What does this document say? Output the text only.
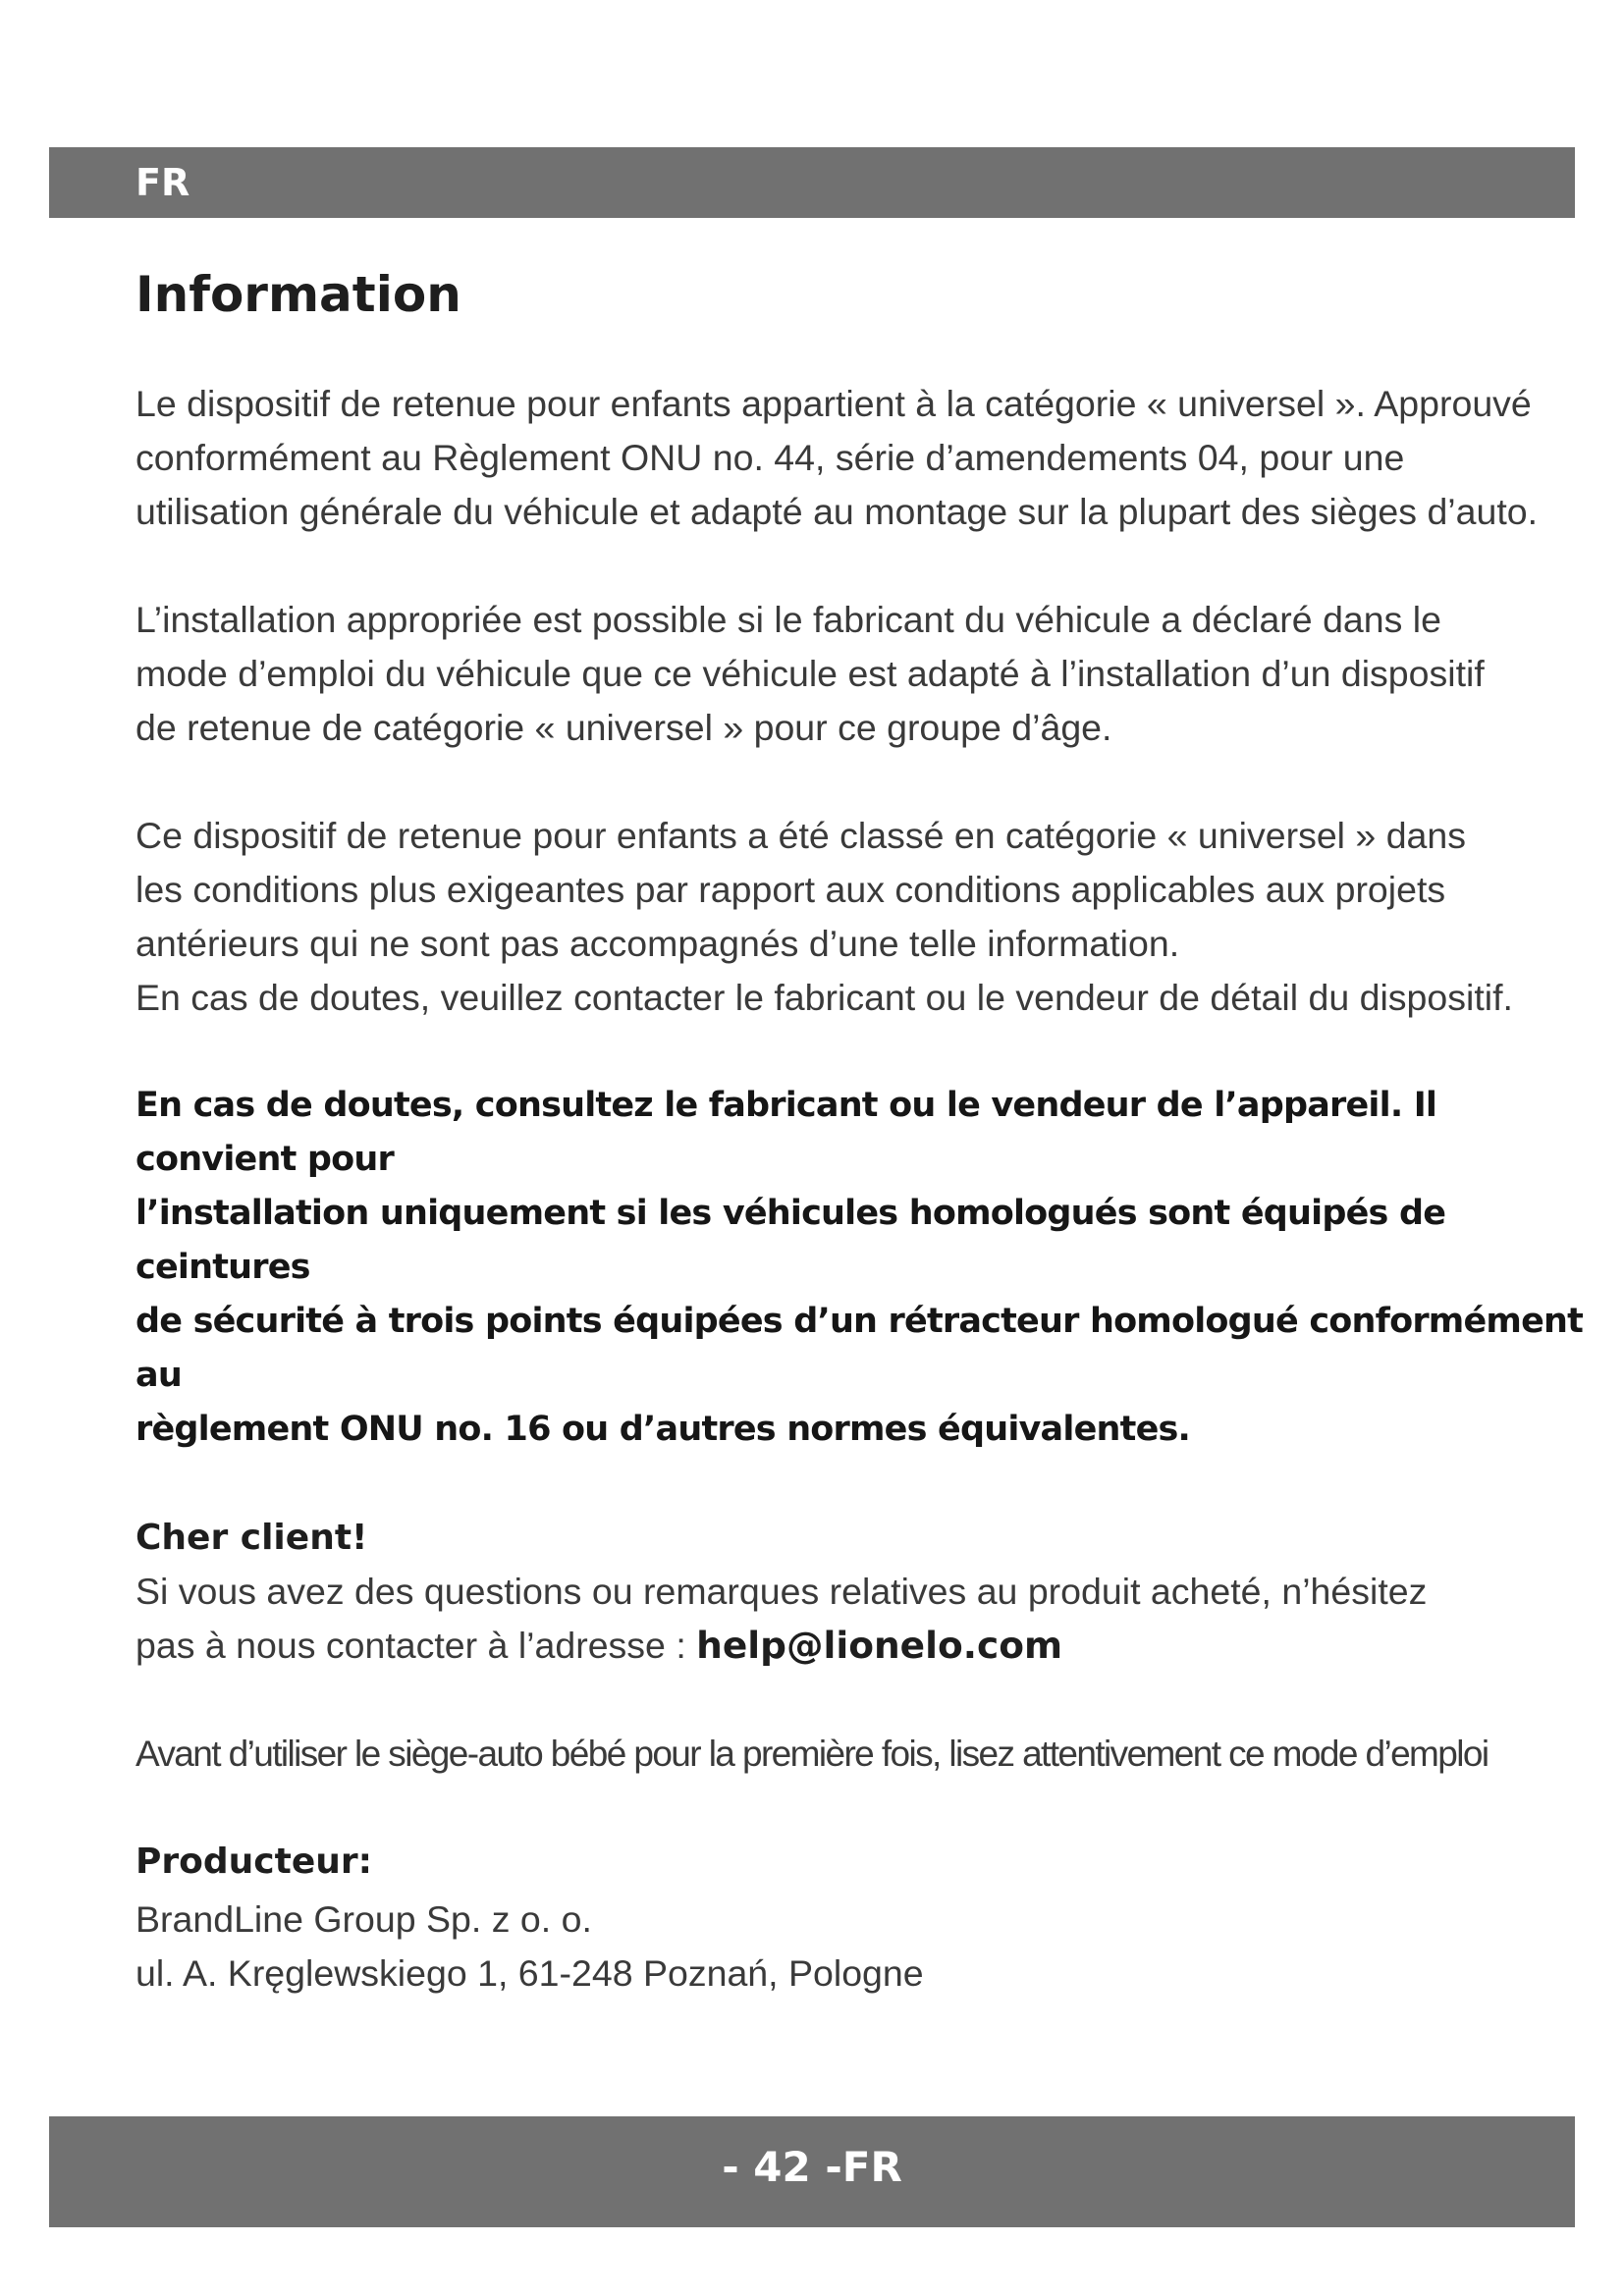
FR
Information
Le dispositif de retenue pour enfants appartient à la catégorie « universel ». Approuvé
conformément au Règlement ONU no. 44, série d’amendements 04, pour une
utilisation générale du véhicule et adapté au montage sur la plupart des sièges d’auto.
L’installation appropriée est possible si le fabricant du véhicule a déclaré dans le
mode d’emploi du véhicule que ce véhicule est adapté à l’installation d’un dispositif
de retenue de catégorie « universel » pour ce groupe d’âge.
Ce dispositif de retenue pour enfants a été classé en catégorie « universel » dans
les conditions plus exigeantes par rapport aux conditions applicables aux projets
antérieurs qui ne sont pas accompagnés d’une telle information.
En cas de doutes, veuillez contacter le fabricant ou le vendeur de détail du dispositif.
En cas de doutes, consultez le fabricant ou le vendeur de l’appareil. Il convient pour
l’installation uniquement si les véhicules homologués sont équipés de ceintures
de sécurité à trois points équipées d’un rétracteur homologué conformément au
règlement ONU no. 16 ou d’autres normes équivalentes.
Cher client!
Si vous avez des questions ou remarques relatives au produit acheté, n’hésitez
pas à nous contacter à l’adresse : help@lionelo.com
Avant d’utiliser le siège-auto bébé pour la première fois, lisez attentivement ce mode d’emploi
Producteur:
BrandLine Group Sp. z o. o.
ul. A. Kręglewskiego 1, 61-248 Poznań, Pologne
- 42 -FR
